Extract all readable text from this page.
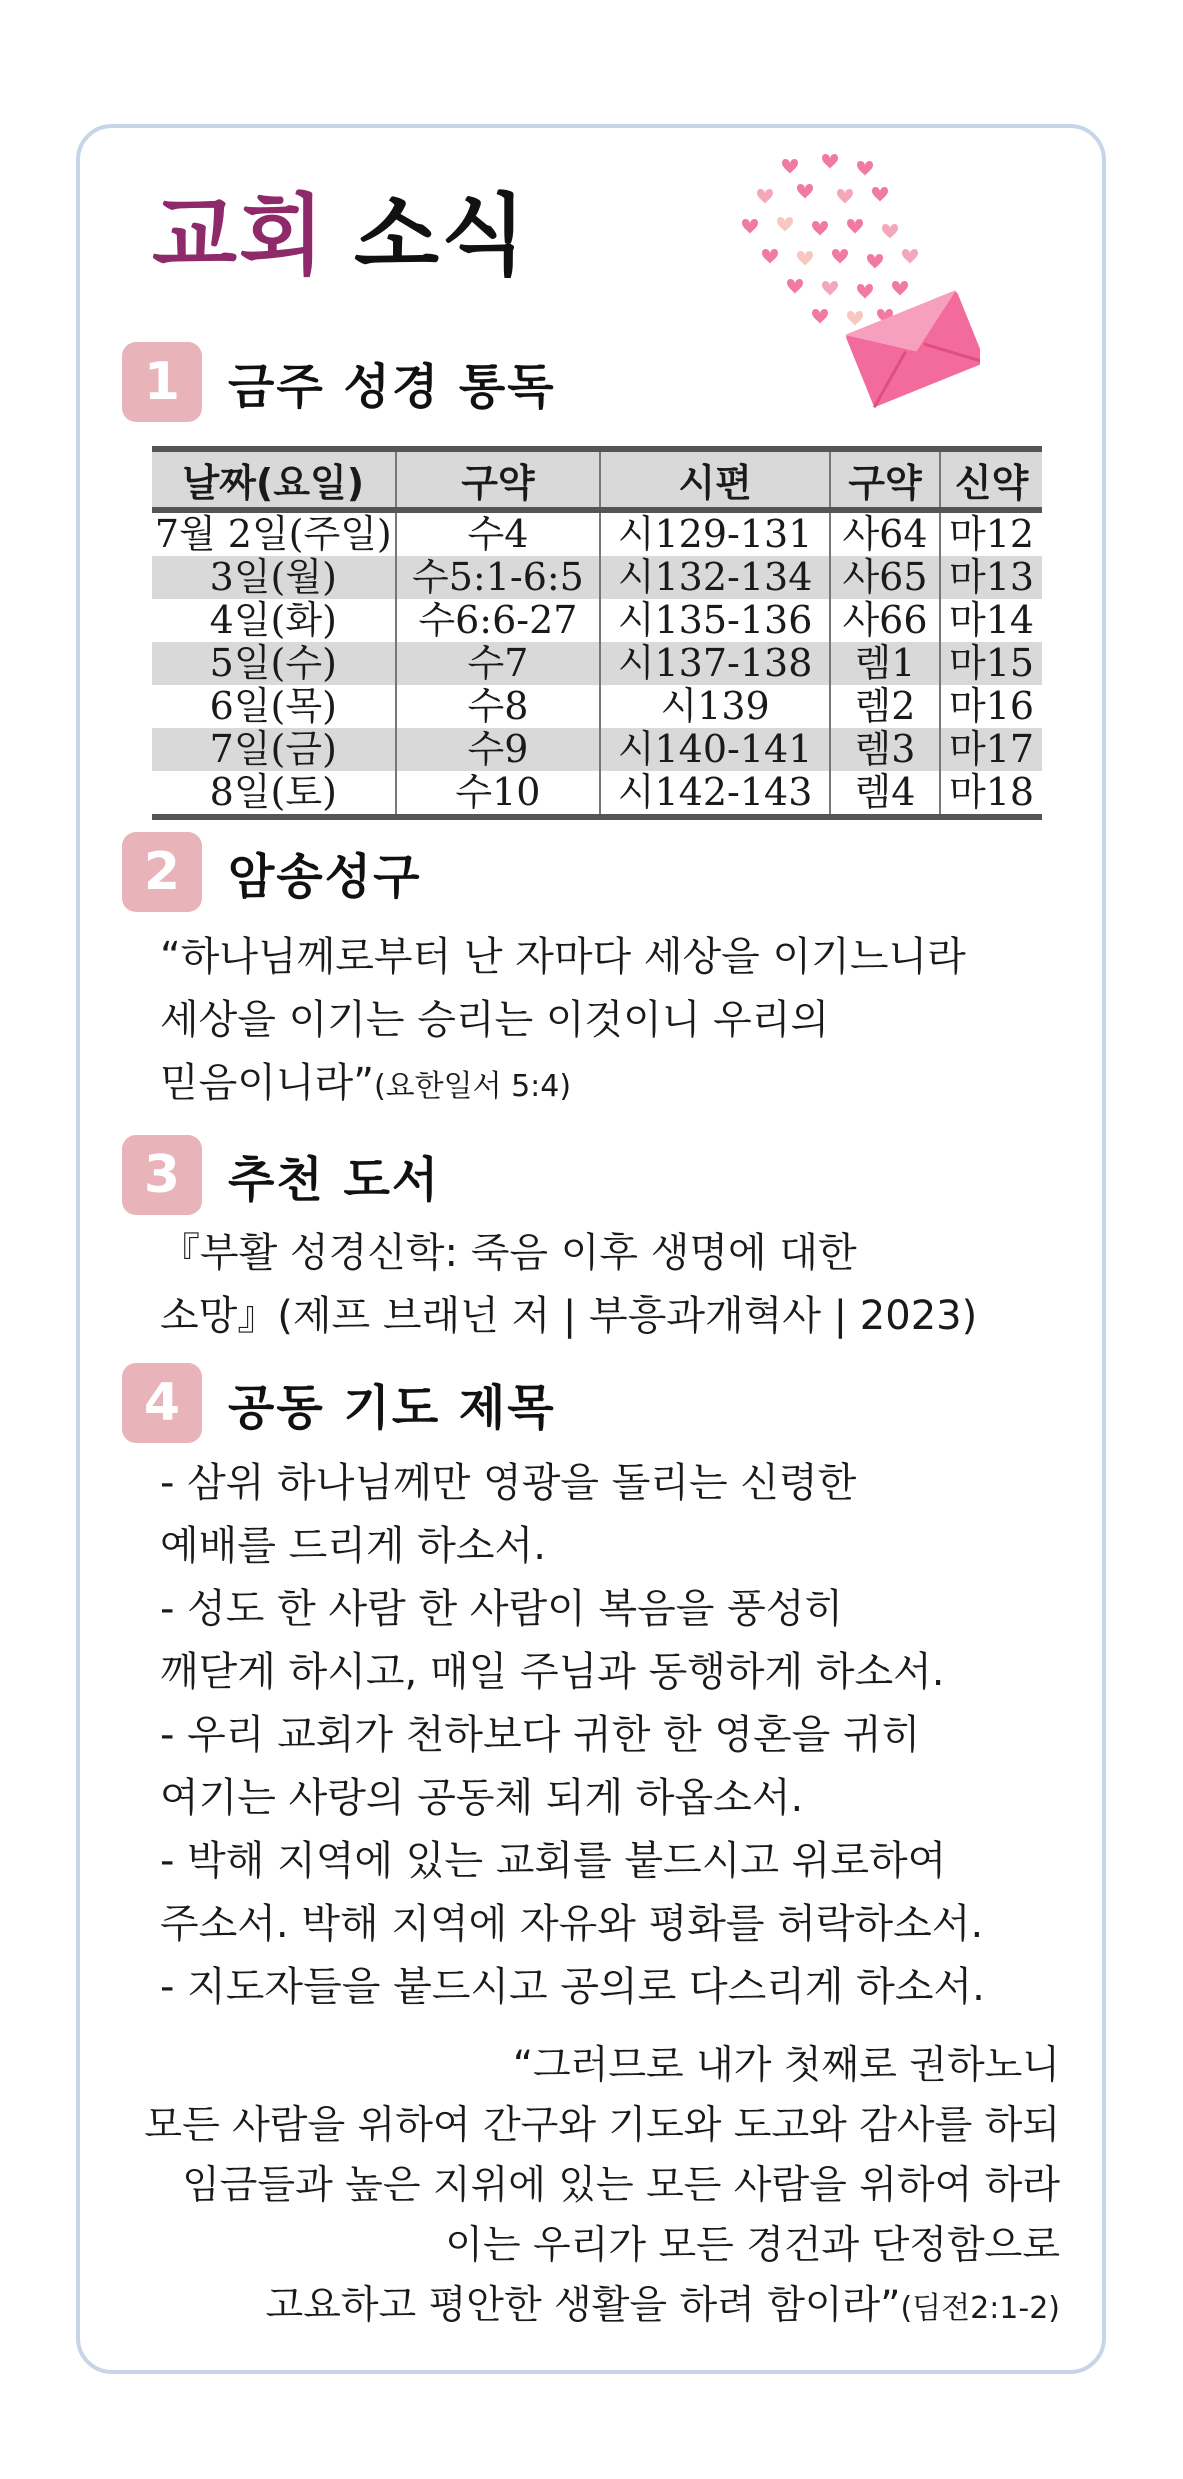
교회 소식
1 금주 성경 통독
날짜(요일)	구약	시편	구약	신약
7월 2일(주일)	수4	시129-131	사64	마12
3일(월)	수5:1-6:5	시132-134	사65	마13
4일(화)	수6:6-27	시135-136	사66	마14
5일(수)	수7	시137-138	렘1	마15
6일(목)	수8	시139	렘2	마16
7일(금)	수9	시140-141	렘3	마17
8일(토)	수10	시142-143	렘4	마18
2 암송성구
“하나님께로부터 난 자마다 세상을 이기느니라
세상을 이기는 승리는 이것이니 우리의
믿음이니라”(요한일서 5:4)
3 추천 도서
『부활 성경신학: 죽음 이후 생명에 대한
소망』(제프 브래넌 저 | 부흥과개혁사 | 2023)
4 공동 기도 제목
- 삼위 하나님께만 영광을 돌리는 신령한
예배를 드리게 하소서.
- 성도 한 사람 한 사람이 복음을 풍성히
깨닫게 하시고, 매일 주님과 동행하게 하소서.
- 우리 교회가 천하보다 귀한 한 영혼을 귀히
여기는 사랑의 공동체 되게 하옵소서.
- 박해 지역에 있는 교회를 붙드시고 위로하여
주소서. 박해 지역에 자유와 평화를 허락하소서.
- 지도자들을 붙드시고 공의로 다스리게 하소서.
“그러므로 내가 첫째로 권하노니
모든 사람을 위하여 간구와 기도와 도고와 감사를 하되
임금들과 높은 지위에 있는 모든 사람을 위하여 하라
이는 우리가 모든 경건과 단정함으로
고요하고 평안한 생활을 하려 함이라”(딤전2:1-2)
